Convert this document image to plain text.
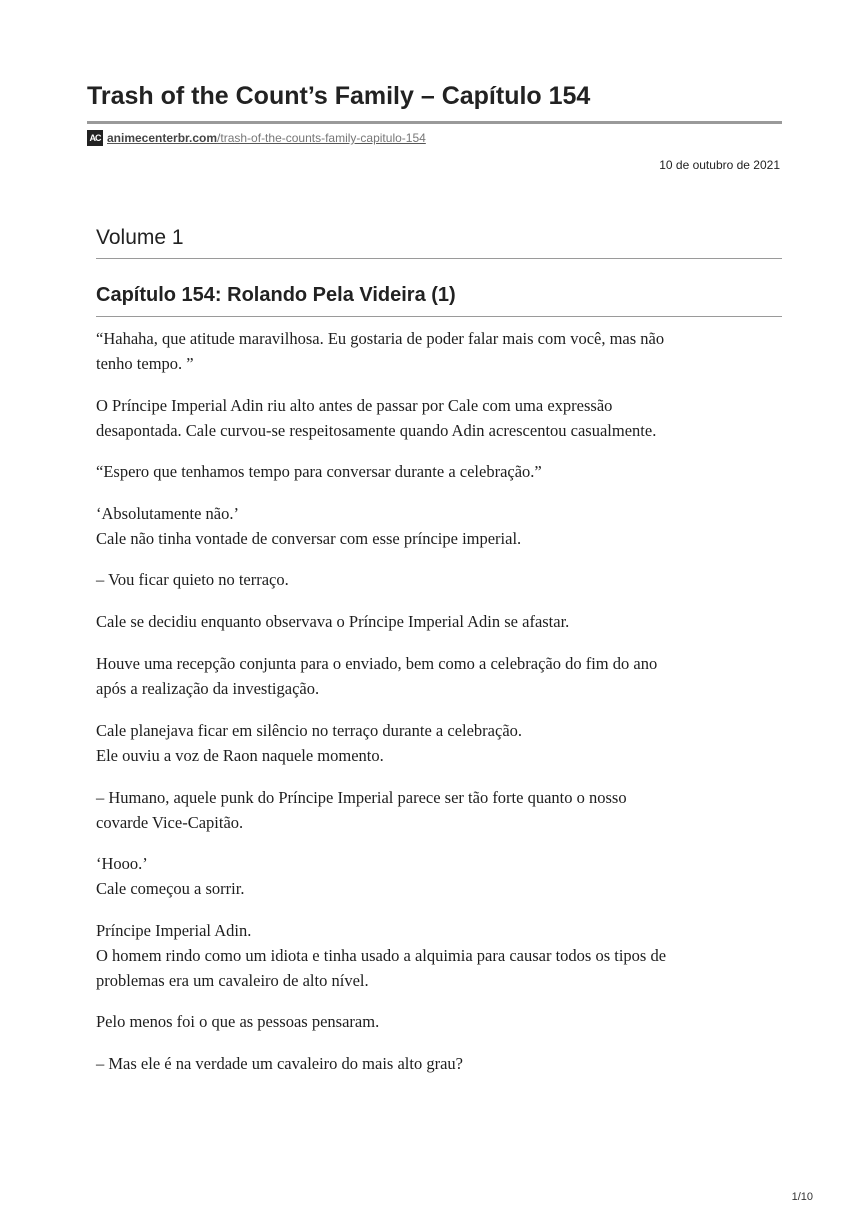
Trash of the Count’s Family – Capítulo 154
AC animecenterbr.com/trash-of-the-counts-family-capitulo-154
10 de outubro de 2021
Volume 1
Capítulo 154: Rolando Pela Videira (1)

“Hahaha, que atitude maravilhosa. Eu gostaria de poder falar mais com você, mas não
tenho tempo. ”

O Príncipe Imperial Adin riu alto antes de passar por Cale com uma expressão
desapontada. Cale curvou-se respeitosamente quando Adin acrescentou casualmente.

“Espero que tenhamos tempo para conversar durante a celebração.”

‘Absolutamente não.’
Cale não tinha vontade de conversar com esse príncipe imperial.

– Vou ficar quieto no terraço.

Cale se decidiu enquanto observava o Príncipe Imperial Adin se afastar.

Houve uma recepção conjunta para o enviado, bem como a celebração do fim do ano
após a realização da investigação.

Cale planejava ficar em silêncio no terraço durante a celebração.
Ele ouviu a voz de Raon naquele momento.

– Humano, aquele punk do Príncipe Imperial parece ser tão forte quanto o nosso
covarde Vice-Capitão.

‘Hooo.’
Cale começou a sorrir.

Príncipe Imperial Adin.
O homem rindo como um idiota e tinha usado a alquimia para causar todos os tipos de
problemas era um cavaleiro de alto nível.

Pelo menos foi o que as pessoas pensaram.

– Mas ele é na verdade um cavaleiro do mais alto grau?

1/10
